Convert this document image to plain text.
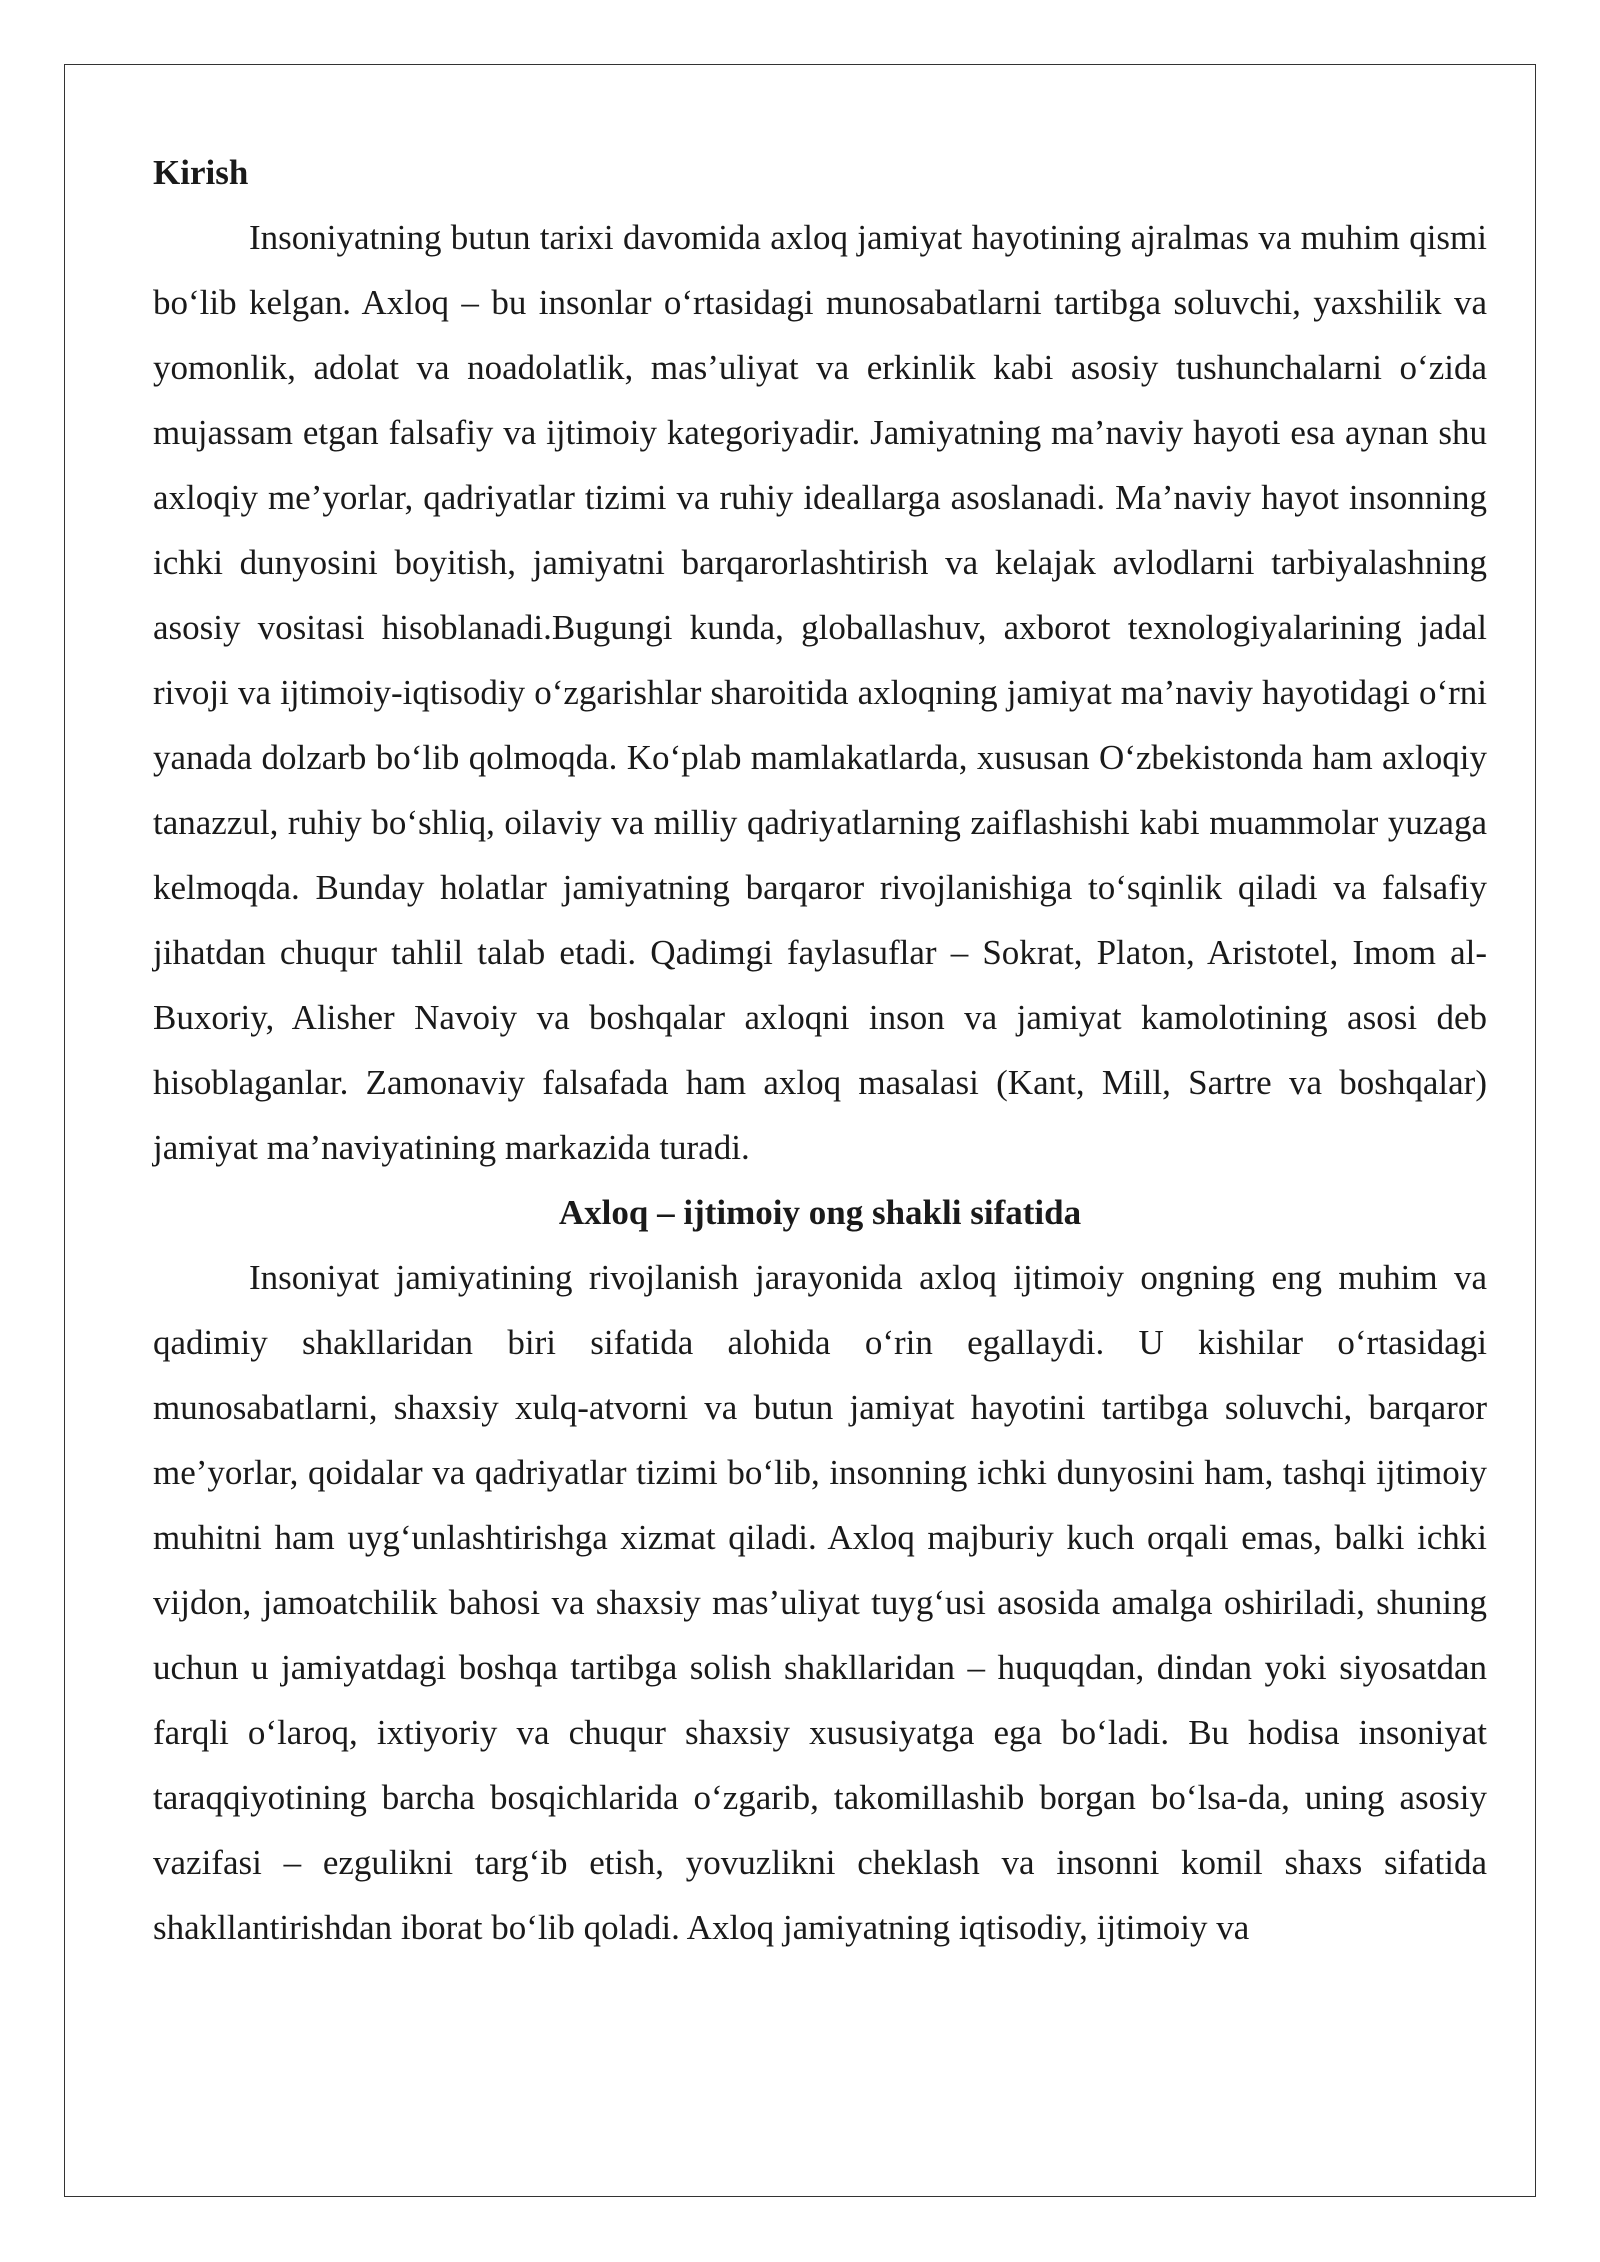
Kirish

Insoniyatning butun tarixi davomida axloq jamiyat hayotining ajralmas va muhim qismi bo‘lib kelgan. Axloq – bu insonlar o‘rtasidagi munosabatlarni tartibga soluvchi, yaxshilik va yomonlik, adolat va noadolatlik, mas’uliyat va erkinlik kabi asosiy tushunchalarni o‘zida mujassam etgan falsafiy va ijtimoiy kategoriyadir. Jamiyatning ma’naviy hayoti esa aynan shu axloqiy me’yorlar, qadriyatlar tizimi va ruhiy ideallarga asoslanadi. Ma’naviy hayot insonning ichki dunyosini boyitish, jamiyatni barqarorlashtirish va kelajak avlodlarni tarbiyalashning asosiy vositasi hisoblanadi.Bugungi kunda, globallashuv, axborot texnologiyalarining jadal rivoji va ijtimoiy-iqtisodiy o‘zgarishlar sharoitida axloqning jamiyat ma’naviy hayotidagi o‘rni yanada dolzarb bo‘lib qolmoqda. Ko‘plab mamlakatlarda, xususan O‘zbekistonda ham axloqiy tanazzul, ruhiy bo‘shliq, oilaviy va milliy qadriyatlarning zaiflashishi kabi muammolar yuzaga kelmoqda. Bunday holatlar jamiyatning barqaror rivojlanishiga to‘sqinlik qiladi va falsafiy jihatdan chuqur tahlil talab etadi. Qadimgi faylasuflar – Sokrat, Platon, Aristotel, Imom al-Buxoriy, Alisher Navoiy va boshqalar axloqni inson va jamiyat kamolotining asosi deb hisoblaganlar. Zamonaviy falsafada ham axloq masalasi (Kant, Mill, Sartre va boshqalar) jamiyat ma’naviyatining markazida turadi.

Axloq – ijtimoiy ong shakli sifatida

Insoniyat jamiyatining rivojlanish jarayonida axloq ijtimoiy ongning eng muhim va qadimiy shakllaridan biri sifatida alohida o‘rin egallaydi. U kishilar o‘rtasidagi munosabatlarni, shaxsiy xulq-atvorni va butun jamiyat hayotini tartibga soluvchi, barqaror me’yorlar, qoidalar va qadriyatlar tizimi bo‘lib, insonning ichki dunyosini ham, tashqi ijtimoiy muhitni ham uyg‘unlashtirishga xizmat qiladi. Axloq majburiy kuch orqali emas, balki ichki vijdon, jamoatchilik bahosi va shaxsiy mas’uliyat tuyg‘usi asosida amalga oshiriladi, shuning uchun u jamiyatdagi boshqa tartibga solish shakllaridan – huquqdan, dindan yoki siyosatdan farqli o‘laroq, ixtiyoriy va chuqur shaxsiy xususiyatga ega bo‘ladi. Bu hodisa insoniyat taraqqiyotining barcha bosqichlarida o‘zgarib, takomillashib borgan bo‘lsa-da, uning asosiy vazifasi – ezgulikni targ‘ib etish, yovuzlikni cheklash va insonni komil shaxs sifatida shakllantirishdan iborat bo‘lib qoladi. Axloq jamiyatning iqtisodiy, ijtimoiy va
